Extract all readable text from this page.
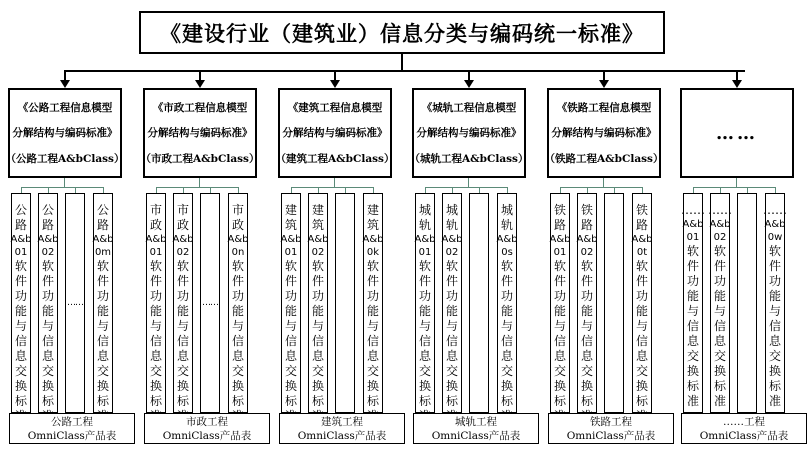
《建设行业（建筑业）信息分类与编码统一标准》
《公路工程信息模型
分解结构与编码标准》
（公路工程A&bClass）
公
路
A&b
01
软
件
功
能
与
信
息
交
换
标
公
路
A&b
02
软
件
功
能
与
信
息
交
换
标
……
公
路
A&b
0m
软
件
功
能
与
信
息
交
换
标
公路工程
OmniClass产品表
《市政工程信息模型
分解结构与编码标准》
（市政工程A&bClass）
市
政
A&b
01
软
件
功
能
与
信
息
交
换
标
市
政
A&b
02
软
件
功
能
与
信
息
交
换
标
……
市
政
A&b
0n
软
件
功
能
与
信
息
交
换
标
市政工程
OmniClass产品表
《建筑工程信息模型
分解结构与编码标准》
（建筑工程A&bClass）
建
筑
A&b
01
软
件
功
能
与
信
息
交
换
标
建
筑
A&b
02
软
件
功
能
与
信
息
交
换
标
建
筑
A&b
0k
软
件
功
能
与
信
息
交
换
标
建筑工程
OmniClass产品表
《城轨工程信息模型
分解结构与编码标准》
（城轨工程A&bClass）
城
轨
A&b
01
软
件
功
能
与
信
息
交
换
标
城
轨
A&b
02
软
件
功
能
与
信
息
交
换
标
城
轨
A&b
0s
软
件
功
能
与
信
息
交
换
标
城轨工程
OmniClass产品表
《铁路工程信息模型
分解结构与编码标准》
（铁路工程A&bClass）
铁
路
A&b
01
软
件
功
能
与
信
息
交
换
标
铁
路
A&b
02
软
件
功
能
与
信
息
交
换
标
铁
路
A&b
0t
软
件
功
能
与
信
息
交
换
标
铁路工程
OmniClass产品表
……
……
A&b
01
软
件
功
能
与
信
息
交
换
标
准
……
A&b
02
软
件
功
能
与
信
息
交
换
标
准
……
A&b
0w
软
件
功
能
与
信
息
交
换
标
准
……工程
OmniClass产品表
